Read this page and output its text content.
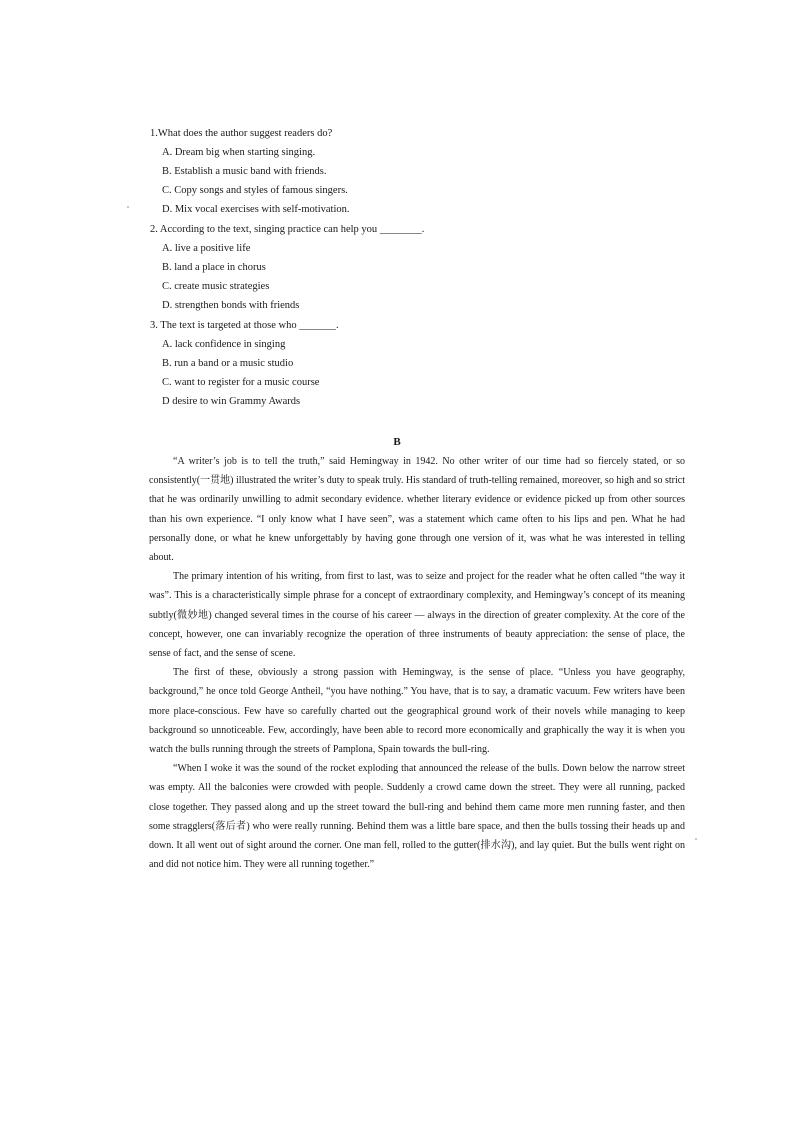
1.What does the author suggest readers do?

A. Dream big when starting singing.

B. Establish a music band with friends.

C. Copy songs and styles of famous singers.

D. Mix vocal exercises with self-motivation.

2. According to the text, singing practice can help you ________.

A. live a positive life

B. land a place in chorus

C. create music strategies

D. strengthen bonds with friends

3. The text is targeted at those who _______.

A. lack confidence in singing

B. run a band or a music studio

C. want to register for a music course

D desire to win Grammy Awards

B

“A writer’s job is to tell the truth,” said Hemingway in 1942. No other writer of our time had so fiercely stated, or so consistently(一贯地) illustrated the writer’s duty to speak truly. His standard of truth-telling remained, moreover, so high and so strict that he was ordinarily unwilling to admit secondary evidence. whether literary evidence or evidence picked up from other sources than his own experience. “I only know what I have seen”, was a statement which came often to his lips and pen. What he had personally done, or what he knew unforgettably by having gone through one version of it, was what he was interested in telling about.

The primary intention of his writing, from first to last, was to seize and project for the reader what he often called “the way it was”. This is a characteristically simple phrase for a concept of extraordinary complexity, and Hemingway’s concept of its meaning subtly(微妙地) changed several times in the course of his career — always in the direction of greater complexity. At the core of the concept, however, one can invariably recognize the operation of three instruments of beauty appreciation: the sense of place, the sense of fact, and the sense of scene.

The first of these, obviously a strong passion with Hemingway, is the sense of place. “Unless you have geography, background,” he once told George Antheil, “you have nothing.” You have, that is to say, a dramatic vacuum. Few writers have been more place-conscious. Few have so carefully charted out the geographical ground work of their novels while managing to keep background so unnoticeable. Few, accordingly, have been able to record more economically and graphically the way it is when you watch the bulls running through the streets of Pamplona, Spain towards the bull-ring.

“When I woke it was the sound of the rocket exploding that announced the release of the bulls. Down below the narrow street was empty. All the balconies were crowded with people. Suddenly a crowd came down the street. They were all running, packed close together. They passed along and up the street toward the bull-ring and behind them came more men running faster, and then some stragglers(落后者) who were really running. Behind them was a little bare space, and then the bulls tossing their heads up and down. It all went out of sight around the corner. One man fell, rolled to the gutter(排水沟), and lay quiet. But the bulls went right on and did not notice him. They were all running together.”
